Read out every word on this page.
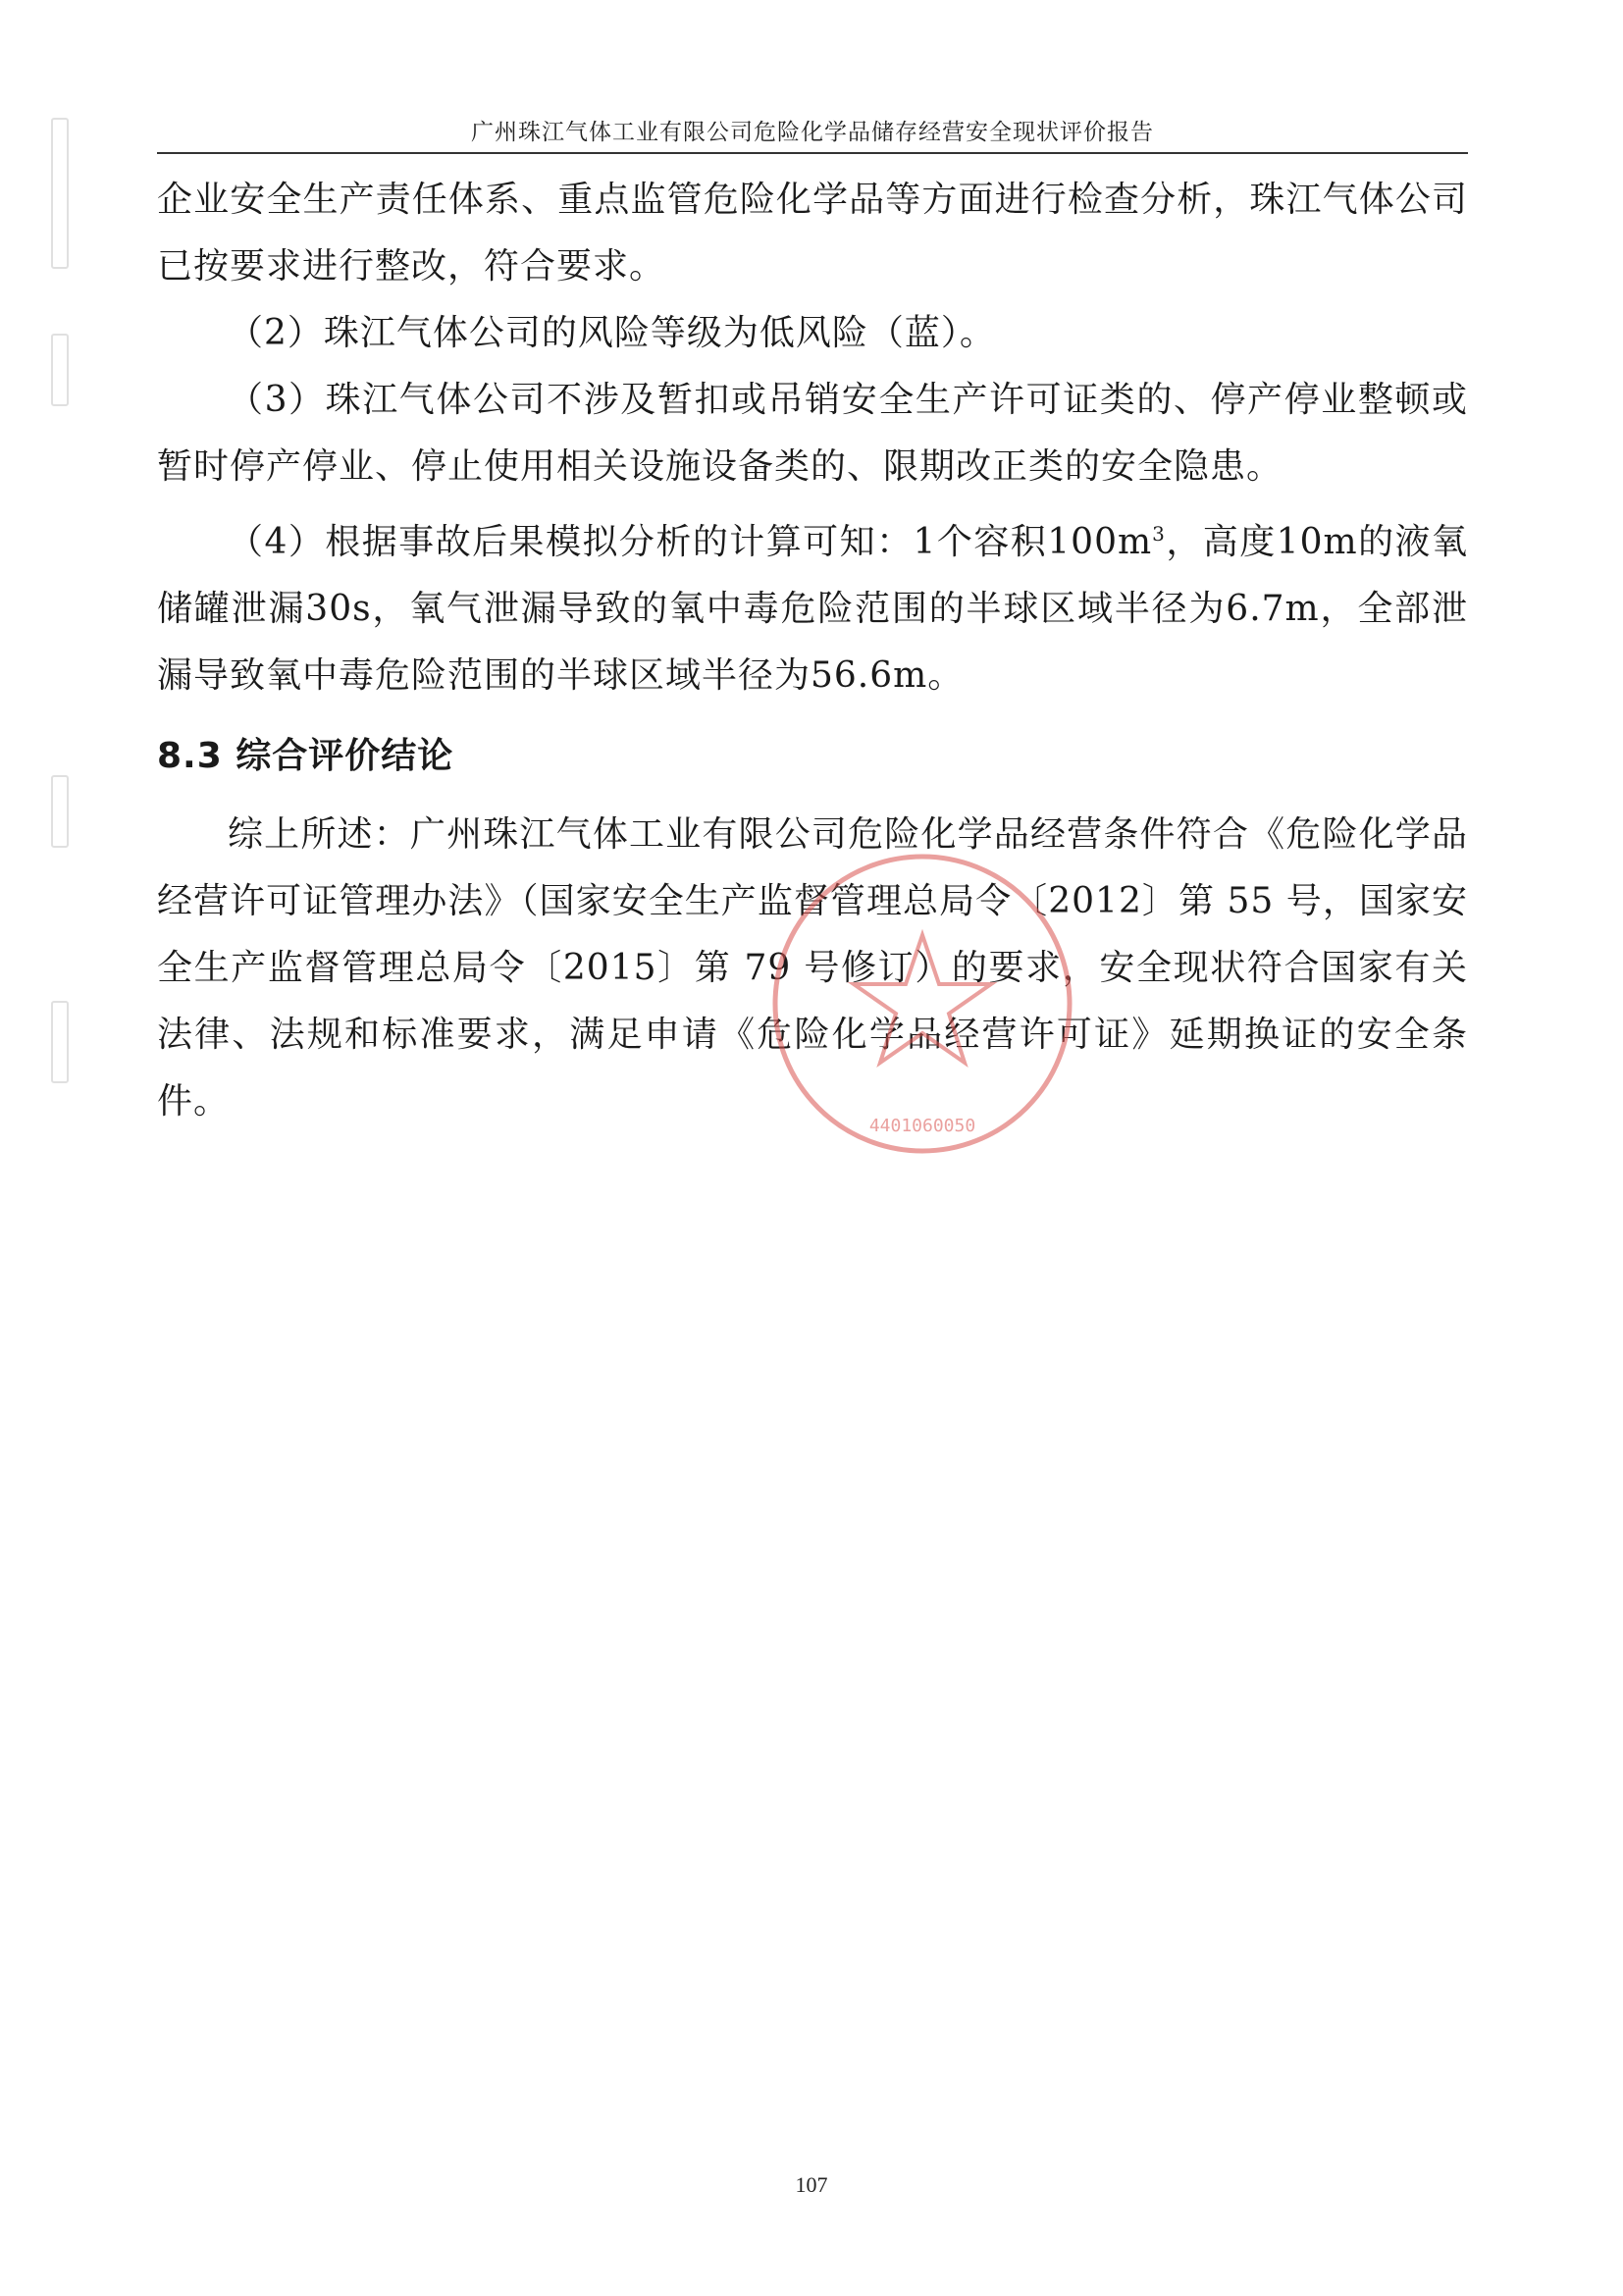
广州珠江气体工业有限公司危险化学品储存经营安全现状评价报告

企业安全生产责任体系、重点监管危险化学品等方面进行检查分析，珠江气体公司已按要求进行整改，符合要求。

（2）珠江气体公司的风险等级为低风险（蓝）。

（3）珠江气体公司不涉及暂扣或吊销安全生产许可证类的、停产停业整顿或暂时停产停业、停止使用相关设施设备类的、限期改正类的安全隐患。

（4）根据事故后果模拟分析的计算可知：1个容积$100m^3$，高度10m的液氧储罐泄漏30s，氧气泄漏导致的氧中毒危险范围的半球区域半径为6.7m，全部泄漏导致氧中毒危险范围的半球区域半径为56.6m。

8.3 综合评价结论

综上所述：广州珠江气体工业有限公司危险化学品经营条件符合《危险化学品经营许可证管理办法》（国家安全生产监督管理总局令〔2012〕第 55 号，国家安全生产监督管理总局令〔2015〕第 79 号修订）的要求，安全现状符合国家有关法律、法规和标准要求，满足申请《危险化学品经营许可证》延期换证的安全条件。

4401060050
107
